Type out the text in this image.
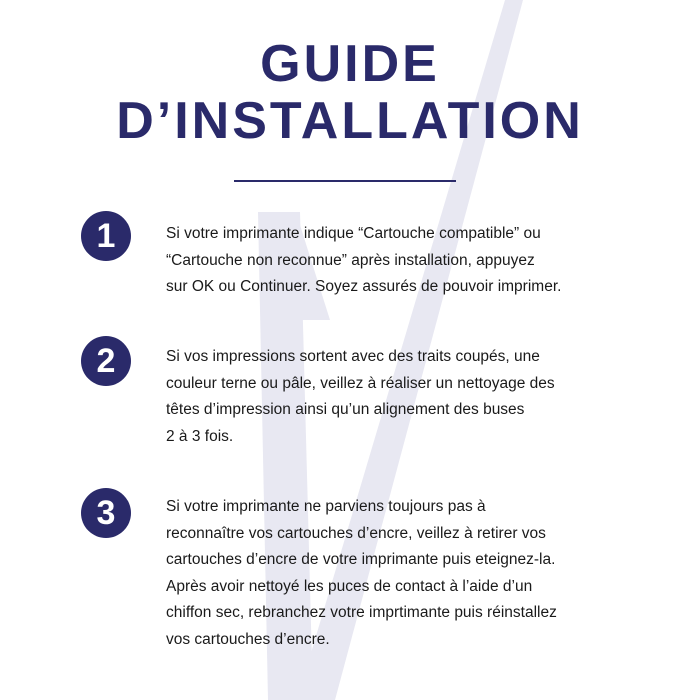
GUIDE
D’INSTALLATION
1	Si votre imprimante indique “Cartouche compatible” ou
“Cartouche non reconnue” après installation, appuyez
sur OK ou Continuer. Soyez assurés de pouvoir imprimer.

2	Si vos impressions sortent avec des traits coupés, une
couleur terne ou pâle, veillez à réaliser un nettoyage des
têtes d’impression ainsi qu’un alignement des buses
2 à 3 fois.

3	Si votre imprimante ne parviens toujours pas à
reconnaître vos cartouches d’encre, veillez à retirer vos
cartouches d’encre de votre imprimante puis eteignez-la.
Après avoir nettoyé les puces de contact à l’aide d’un
chiffon sec, rebranchez votre imprtimante puis réinstallez
vos cartouches d’encre.
